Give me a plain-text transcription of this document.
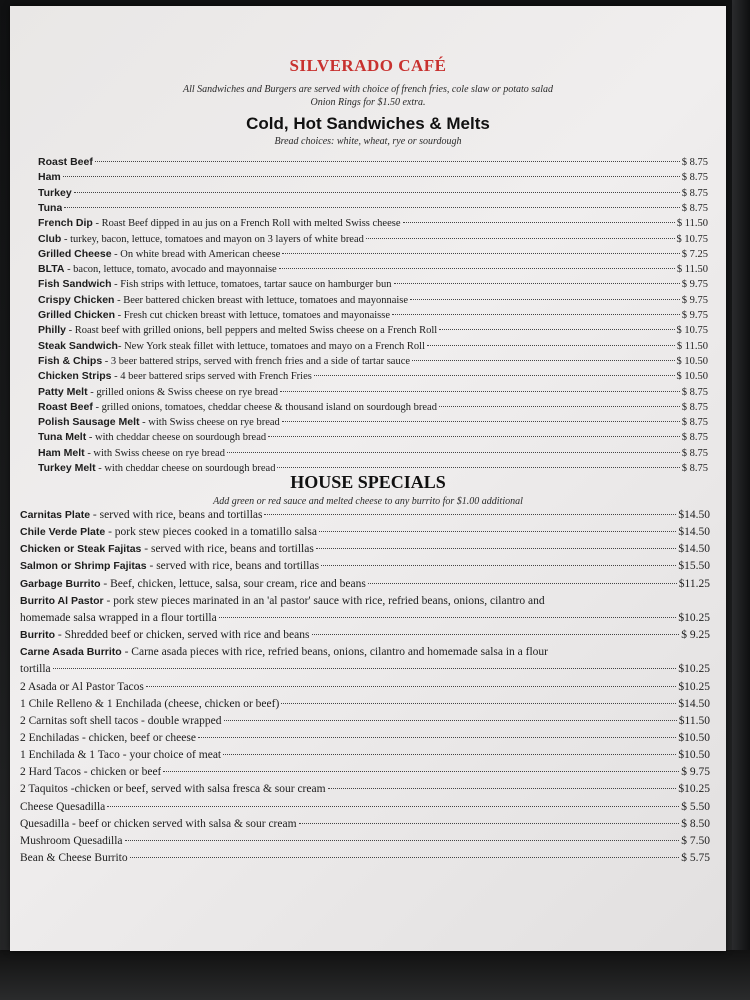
SILVERADO CAFÉ
All Sandwiches and Burgers are served with choice of french fries, cole slaw or potato salad
Onion Rings for $1.50 extra.
Cold, Hot Sandwiches & Melts
Bread choices: white, wheat, rye or sourdough
Roast Beef	$ 8.75
Ham	$ 8.75
Turkey	$ 8.75
Tuna	$ 8.75
French Dip - Roast Beef dipped in au jus on a French Roll with melted Swiss cheese	$ 11.50
Club - turkey, bacon, lettuce, tomatoes and mayon on 3 layers of white bread	$ 10.75
Grilled Cheese - On white bread with American cheese	$ 7.25
BLTA - bacon, lettuce, tomato, avocado and mayonnaise	$ 11.50
Fish Sandwich - Fish strips with lettuce, tomatoes, tartar sauce on hamburger bun	$ 9.75
Crispy Chicken - Beer battered chicken breast with lettuce, tomatoes and mayonnaise	$ 9.75
Grilled Chicken - Fresh cut chicken breast with lettuce, tomatoes and mayonaisse	$ 9.75
Philly - Roast beef with grilled onions, bell peppers and melted Swiss cheese on a French Roll	$ 10.75
Steak Sandwich- New York steak fillet with lettuce, tomatoes and mayo on a French Roll	$ 11.50
Fish & Chips - 3 beer battered strips, served with french fries and a side of tartar sauce	$ 10.50
Chicken Strips - 4 beer battered srips served with French Fries	$ 10.50
Patty Melt - grilled onions & Swiss cheese on rye bread	$ 8.75
Roast Beef - grilled onions, tomatoes, cheddar cheese & thousand island on sourdough bread	$ 8.75
Polish Sausage Melt - with Swiss cheese on rye bread	$ 8.75
Tuna Melt - with cheddar cheese on sourdough bread	$ 8.75
Ham Melt - with Swiss cheese on rye bread	$ 8.75
Turkey Melt - with cheddar cheese on sourdough bread	$ 8.75
HOUSE SPECIALS
Add green or red sauce and melted cheese to any burrito for $1.00 additional
Carnitas Plate - served with rice, beans and tortillas	$14.50
Chile Verde Plate - pork stew pieces cooked in a tomatillo salsa	$14.50
Chicken or Steak Fajitas - served with rice, beans and tortillas	$14.50
Salmon or Shrimp Fajitas - served with rice, beans and tortillas	$15.50
Garbage Burrito - Beef, chicken, lettuce, salsa, sour cream, rice and beans	$11.25
Burrito Al Pastor - pork stew pieces marinated in an 'al pastor' sauce with rice, refried beans, onions, cilantro and
homemade salsa wrapped in a flour tortilla	$10.25
Burrito - Shredded beef or chicken, served with rice and beans	$ 9.25
Carne Asada Burrito - Carne asada pieces with rice, refried beans, onions, cilantro and homemade salsa in a flour
tortilla	$10.25
2 Asada or Al Pastor Tacos	$10.25
1 Chile Relleno & 1 Enchilada (cheese, chicken or beef)	$14.50
2 Carnitas soft shell tacos - double wrapped	$11.50
2 Enchiladas - chicken, beef or cheese	$10.50
1 Enchilada & 1 Taco - your choice of meat	$10.50
2 Hard Tacos - chicken or beef	$ 9.75
2 Taquitos -chicken or beef, served with salsa fresca & sour cream	$10.25
Cheese Quesadilla	$ 5.50
Quesadilla - beef or chicken served with salsa & sour cream	$ 8.50
Mushroom Quesadilla	$ 7.50
Bean & Cheese Burrito	$ 5.75
